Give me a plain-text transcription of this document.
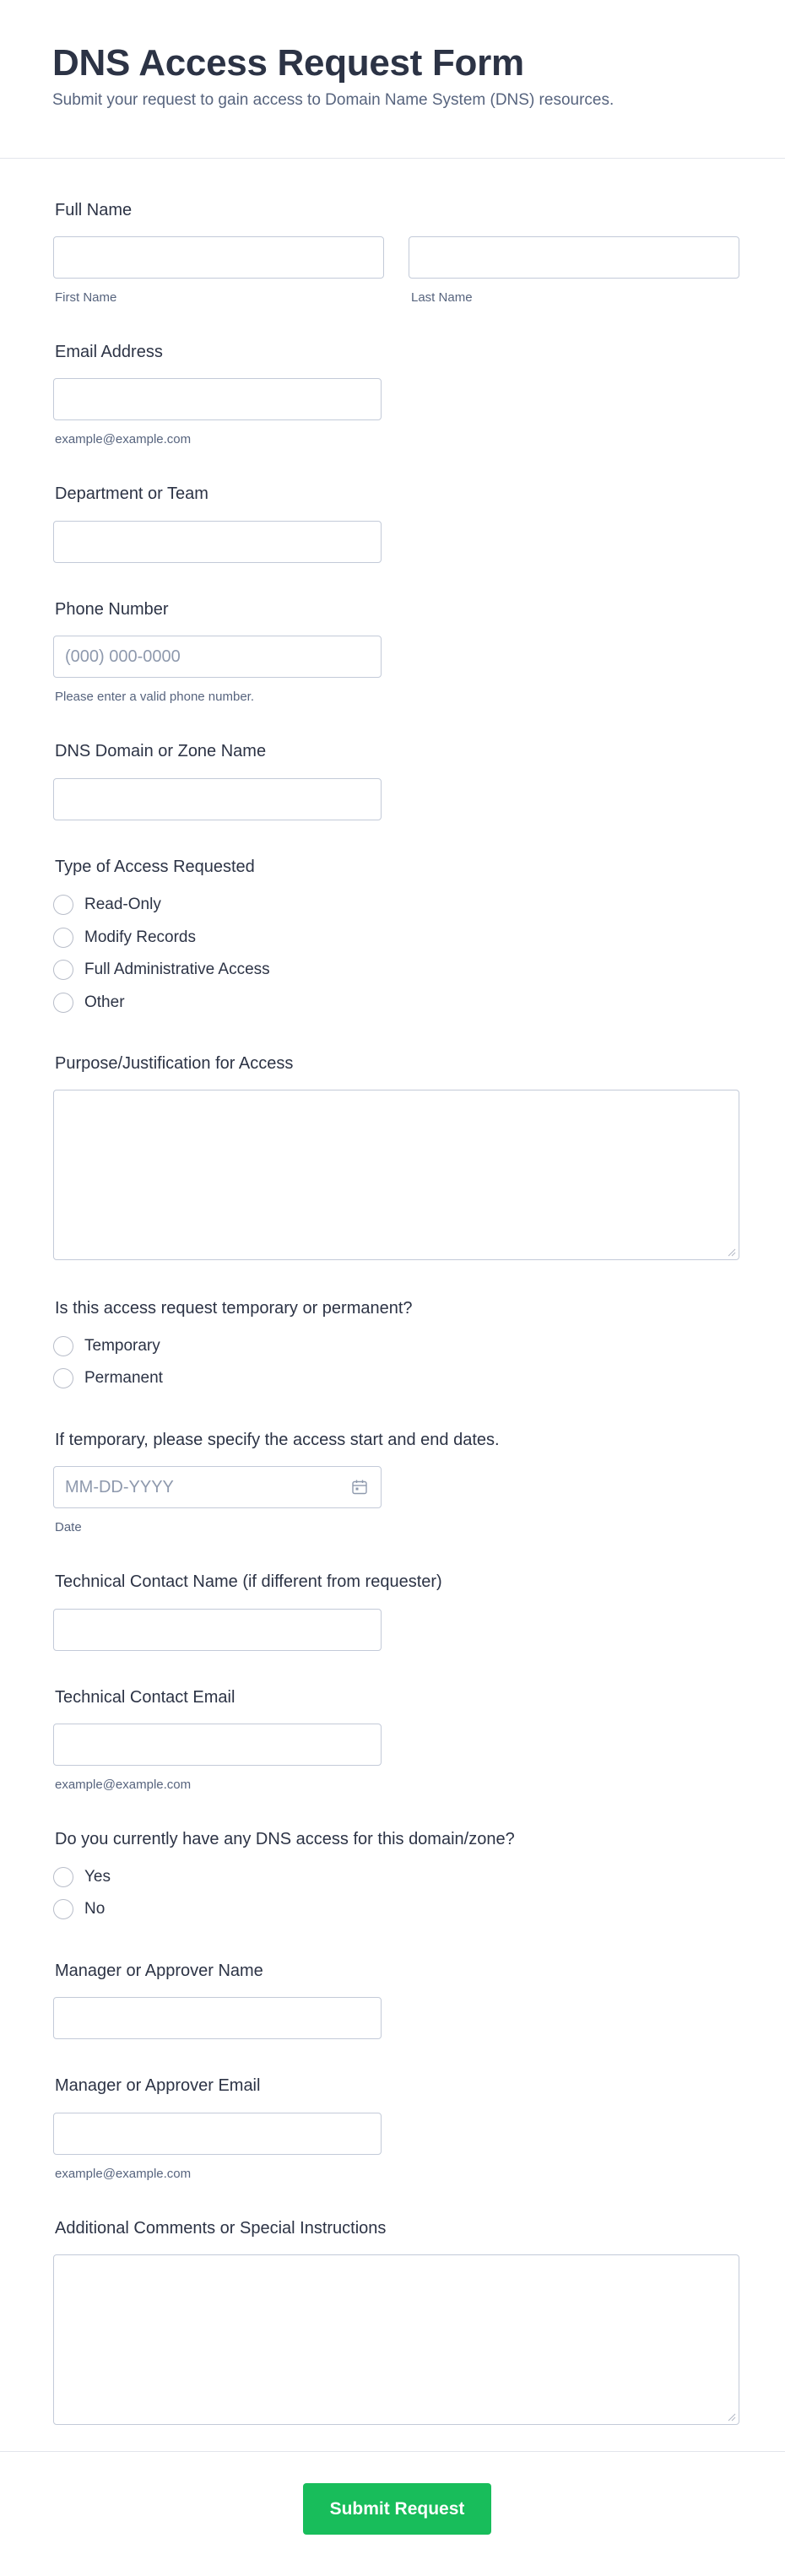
DNS Access Request Form
Submit your request to gain access to Domain Name System (DNS) resources.
Full Name
First Name	Last Name
Email Address
example@example.com
Department or Team
Phone Number
(000) 000-0000
Please enter a valid phone number.
DNS Domain or Zone Name
Type of Access Requested
Read-Only
Modify Records
Full Administrative Access
Other
Purpose/Justification for Access
Is this access request temporary or permanent?
Temporary
Permanent
If temporary, please specify the access start and end dates.
MM-DD-YYYY
Date
Technical Contact Name (if different from requester)
Technical Contact Email
example@example.com
Do you currently have any DNS access for this domain/zone?
Yes
No
Manager or Approver Name
Manager or Approver Email
example@example.com
Additional Comments or Special Instructions
Submit Request
